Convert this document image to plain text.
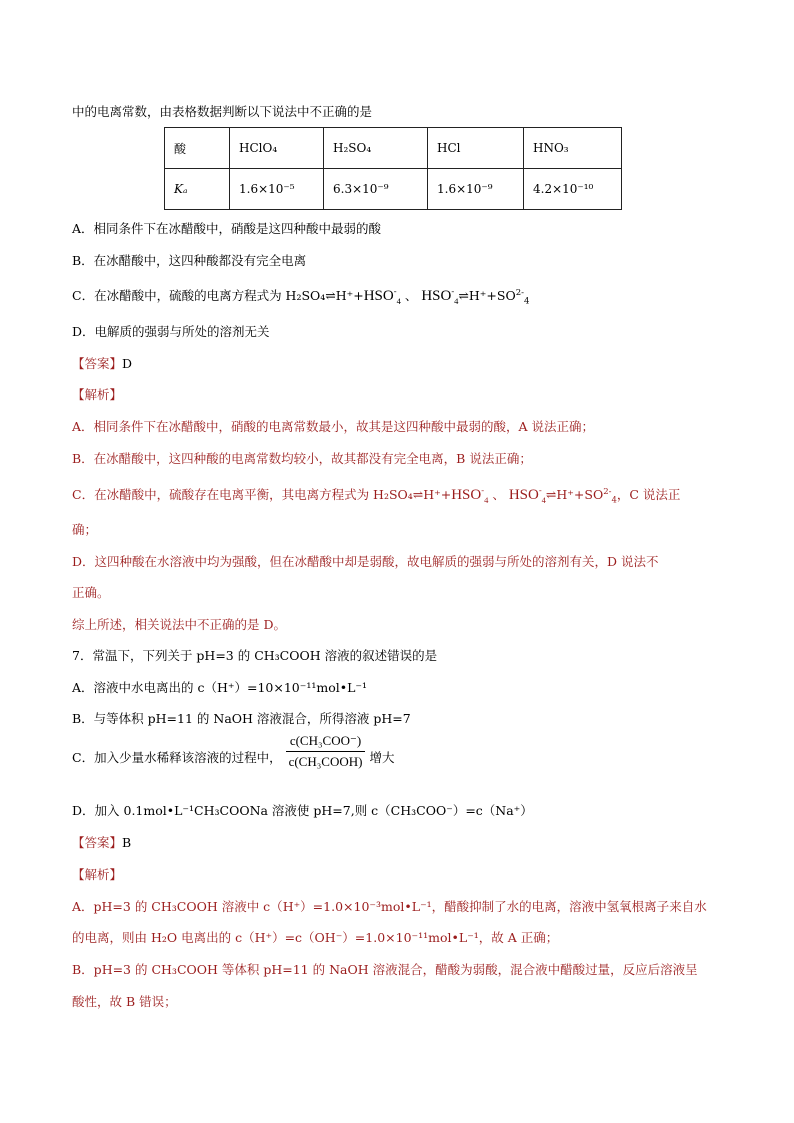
中的电离常数，由表格数据判断以下说法中不正确的是
酸	HClO₄	H₂SO₄	HCl	HNO₃
Kₐ	1.6×10⁻⁵	6.3×10⁻⁹	1.6×10⁻⁹	4.2×10⁻¹⁰
A．相同条件下在冰醋酸中，硝酸是这四种酸中最弱的酸
B．在冰醋酸中，这四种酸都没有完全电离
C．在冰醋酸中，硫酸的电离方程式为 $H_2SO_4\rightleftharpoons H^++HSO^-_4$ 、 $HSO^-_4\rightleftharpoons H^++SO^{2-}_4$
D．电解质的强弱与所处的溶剂无关
【答案】D
【解析】
A．相同条件下在冰醋酸中，硝酸的电离常数最小，故其是这四种酸中最弱的酸，A 说法正确；
B．在冰醋酸中，这四种酸的电离常数均较小，故其都没有完全电离，B 说法正确；
C．在冰醋酸中，硫酸存在电离平衡，其电离方程式为 $H_2SO_4\rightleftharpoons H^++HSO^-_4$ 、 $HSO^-_4\rightleftharpoons H^++SO^{2-}_4$，C 说法正
确；
D．这四种酸在水溶液中均为强酸，但在冰醋酸中却是弱酸，故电解质的强弱与所处的溶剂有关，D 说法不
正确。
综上所述，相关说法中不正确的是 D。
7．常温下，下列关于 pH=3 的 CH₃COOH 溶液的叙述错误的是
A．溶液中水电离出的 c（H⁺）=10×10⁻¹¹mol•L⁻¹
B．与等体积 pH=11 的 NaOH 溶液混合，所得溶液 pH=7
C．加入少量水稀释该溶液的过程中， $\frac{\text{c(CH₃COO⁻)}}{\text{c(CH₃COOH)}}$ 增大
D．加入 0.1mol•L⁻¹CH₃COONa 溶液使 pH=7,则 c（CH₃COO⁻）=c（Na⁺）
【答案】B
【解析】
A．pH=3 的 CH₃COOH 溶液中 c（H⁺）=1.0×10⁻³mol•L⁻¹，醋酸抑制了水的电离，溶液中氢氧根离子来自水
的电离，则由 H₂O 电离出的 c（H⁺）=c（OH⁻）=1.0×10⁻¹¹mol•L⁻¹，故 A 正确；
B．pH=3 的 CH₃COOH 等体积 pH=11 的 NaOH 溶液混合，醋酸为弱酸，混合液中醋酸过量，反应后溶液呈
酸性，故 B 错误；
